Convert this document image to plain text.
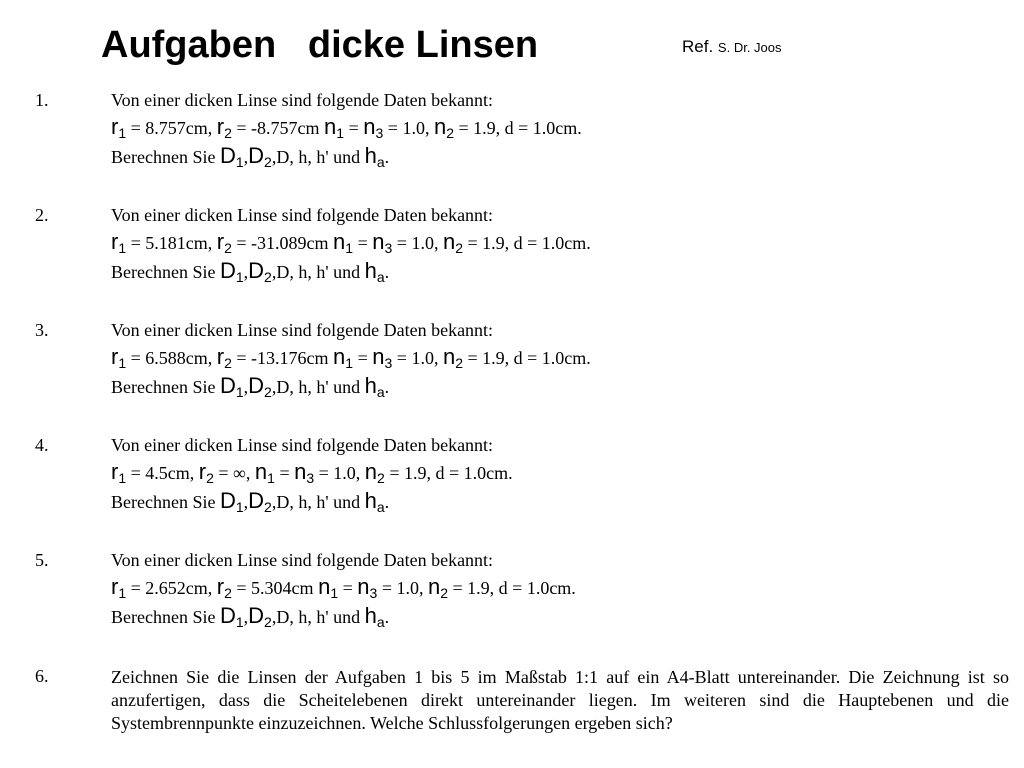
Aufgaben   dicke Linsen	Ref. S. Dr. Joos
1.	Von einer dicken Linse sind folgende Daten bekannt:
$r_1 = 8.757cm$, $r_2 = -8.757cm$ $n_1 = n_3 = 1.0$, $n_2 = 1.9$, d = 1.0cm.
Berechnen Sie $D_1,D_2,D$, h, h' und $h_a$.
2.	Von einer dicken Linse sind folgende Daten bekannt:
$r_1 = 5.181cm$, $r_2 = -31.089cm$ $n_1 = n_3 = 1.0$, $n_2 = 1.9$, d = 1.0cm.
Berechnen Sie $D_1,D_2,D$, h, h' und $h_a$.
3.	Von einer dicken Linse sind folgende Daten bekannt:
$r_1 = 6.588cm$, $r_2 = -13.176cm$ $n_1 = n_3 = 1.0$, $n_2 = 1.9$, d = 1.0cm.
Berechnen Sie $D_1,D_2,D$, h, h' und $h_a$.
4.	Von einer dicken Linse sind folgende Daten bekannt:
$r_1 = 4.5cm$, $r_2$ = ∞, $n_1 = n_3 = 1.0$, $n_2 = 1.9$, d = 1.0cm.
Berechnen Sie $D_1,D_2,D$, h, h' und $h_a$.
5.	Von einer dicken Linse sind folgende Daten bekannt:
$r_1 = 2.652cm$, $r_2 = 5.304cm$ $n_1 = n_3 = 1.0$, $n_2 = 1.9$, d = 1.0cm.
Berechnen Sie $D_1,D_2,D$, h, h' und $h_a$.
6.	Zeichnen Sie die Linsen der Aufgaben 1 bis 5 im Maßstab 1:1 auf ein A4-Blatt untereinander. Die Zeichnung ist so anzufertigen, dass die Scheitelebenen direkt untereinander liegen. Im weiteren sind die Hauptebenen und die Systembrennpunkte einzuzeichnen. Welche Schlussfolgerungen ergeben sich?
